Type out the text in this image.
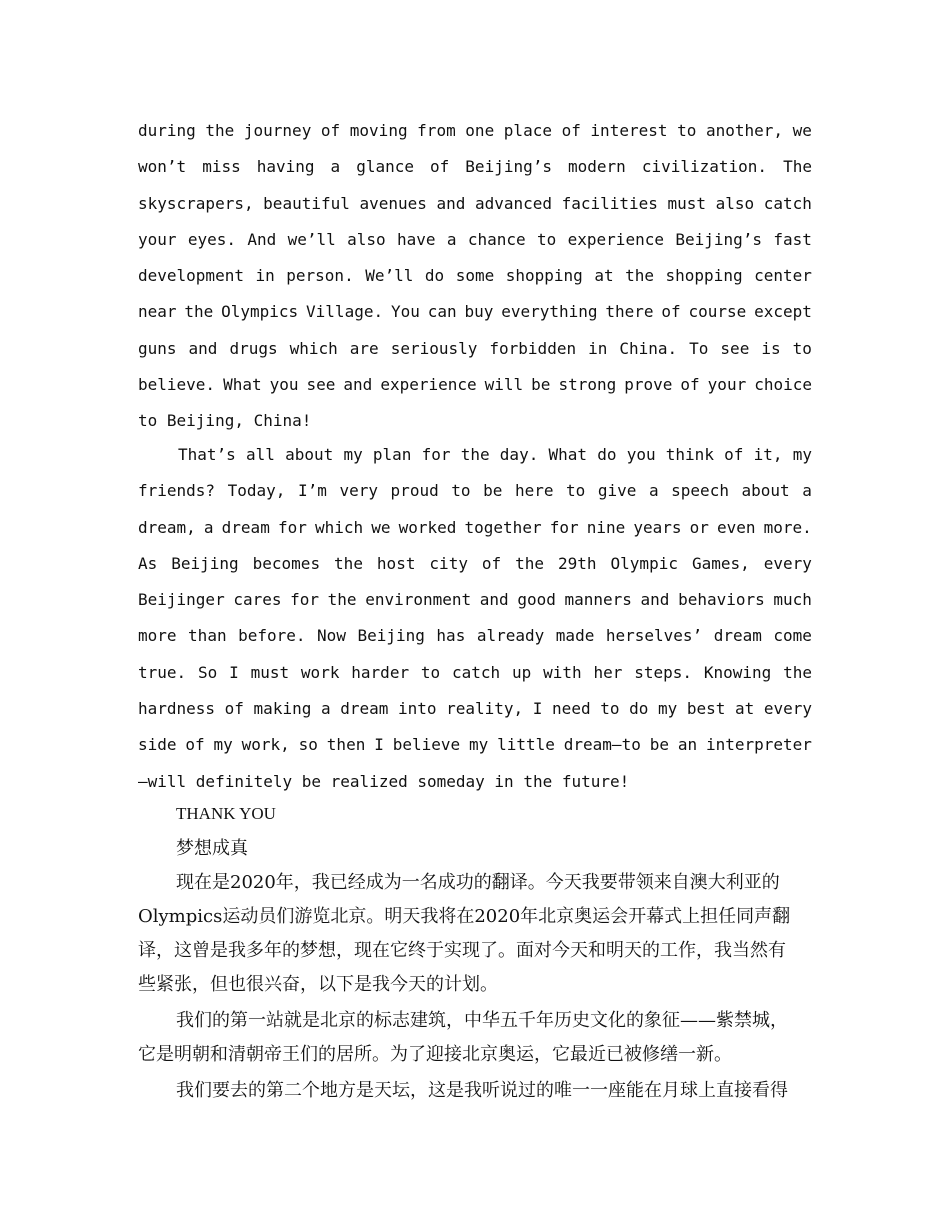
during the journey of moving from one place of interest to another, we
won’t miss having a glance of Beijing’s modern civilization. The
skyscrapers, beautiful avenues and advanced facilities must also catch
your eyes. And we’ll also have a chance to experience Beijing’s fast
development in person. We’ll do some shopping at the shopping center
near the Olympics Village. You can buy everything there of course except
guns and drugs which are seriously forbidden in China. To see is to
believe. What you see and experience will be strong prove of your choice
to Beijing, China!
That’s all about my plan for the day. What do you think of it, my
friends? Today, I’m very proud to be here to give a speech about a
dream, a dream for which we worked together for nine years or even more.
As Beijing becomes the host city of the 29th Olympic Games, every
Beijinger cares for the environment and good manners and behaviors much
more than before. Now Beijing has already made herselves’ dream come
true. So I must work harder to catch up with her steps. Knowing the
hardness of making a dream into reality, I need to do my best at every
side of my work, so then I believe my little dream—to be an interpreter
—will definitely be realized someday in the future!
THANK YOU
梦想成真
现在是2020年，我已经成为一名成功的翻译。今天我要带领来自澳大利亚的
Olympics运动员们游览北京。明天我将在2020年北京奥运会开幕式上担任同声翻
译，这曾是我多年的梦想，现在它终于实现了。面对今天和明天的工作，我当然有
些紧张，但也很兴奋，以下是我今天的计划。
我们的第一站就是北京的标志建筑，中华五千年历史文化的象征——紫禁城，
它是明朝和清朝帝王们的居所。为了迎接北京奥运，它最近已被修缮一新。
我们要去的第二个地方是天坛，这是我听说过的唯一一座能在月球上直接看得
